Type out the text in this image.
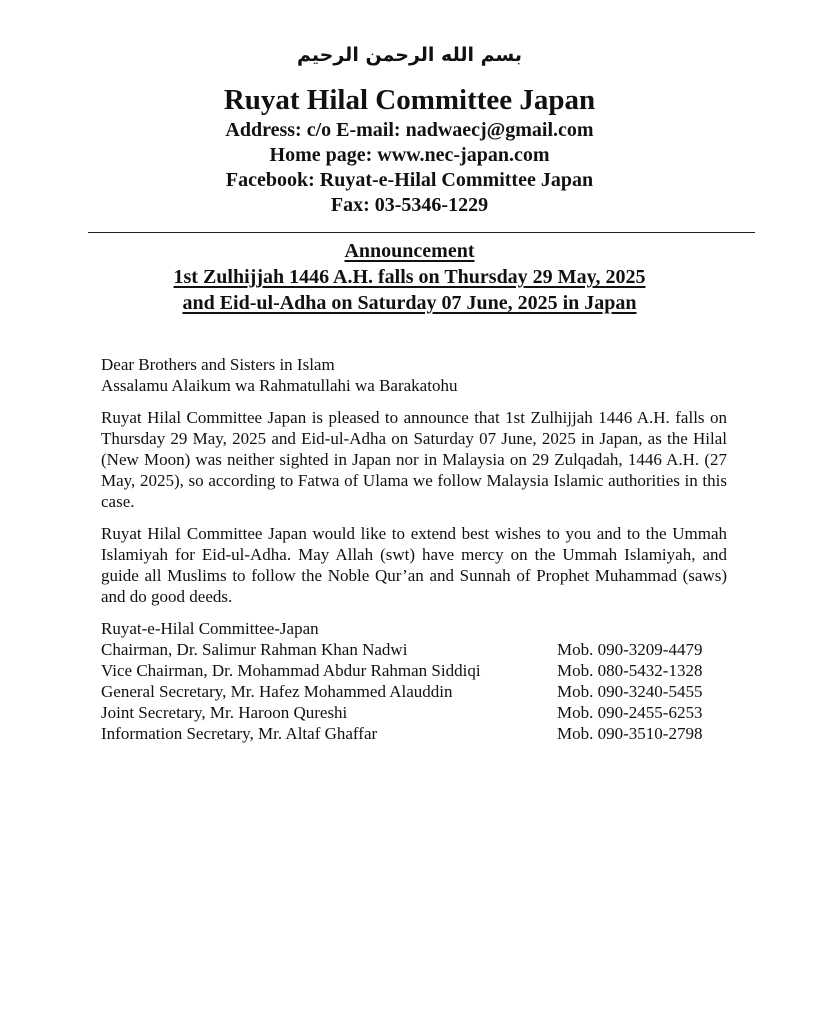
بسم الله الرحمن الرحيم
Ruyat Hilal Committee Japan
Address: c/o E-mail: nadwaecj@gmail.com
Home page: www.nec-japan.com
Facebook: Ruyat-e-Hilal Committee Japan
Fax: 03-5346-1229
Announcement
1st Zulhijjah 1446 A.H. falls on Thursday 29 May, 2025
and Eid-ul-Adha on Saturday 07 June, 2025 in Japan

Dear Brothers and Sisters in Islam

Assalamu Alaikum wa Rahmatullahi wa Barakatohu

Ruyat Hilal Committee Japan is pleased to announce that 1st Zulhijjah 1446 A.H. falls on Thursday 29 May, 2025 and Eid-ul-Adha on Saturday 07 June, 2025 in Japan, as the Hilal (New Moon) was neither sighted in Japan nor in Malaysia on 29 Zulqadah, 1446 A.H. (27 May, 2025), so according to Fatwa of Ulama we follow Malaysia Islamic authorities in this case.

Ruyat Hilal Committee Japan would like to extend best wishes to you and to the Ummah Islamiyah for Eid-ul-Adha. May Allah (swt) have mercy on the Ummah Islamiyah, and guide all Muslims to follow the Noble Qur’an and Sunnah of Prophet Muhammad (saws) and do good deeds.

Ruyat-e-Hilal Committee-Japan

Chairman, Dr. Salimur Rahman Khan Nadwi	Mob. 090-3209-4479
Vice Chairman, Dr. Mohammad Abdur Rahman Siddiqi	Mob. 080-5432-1328
General Secretary, Mr. Hafez Mohammed Alauddin	Mob. 090-3240-5455
Joint Secretary, Mr. Haroon Qureshi	Mob. 090-2455-6253
Information Secretary, Mr. Altaf Ghaffar	Mob. 090-3510-2798
